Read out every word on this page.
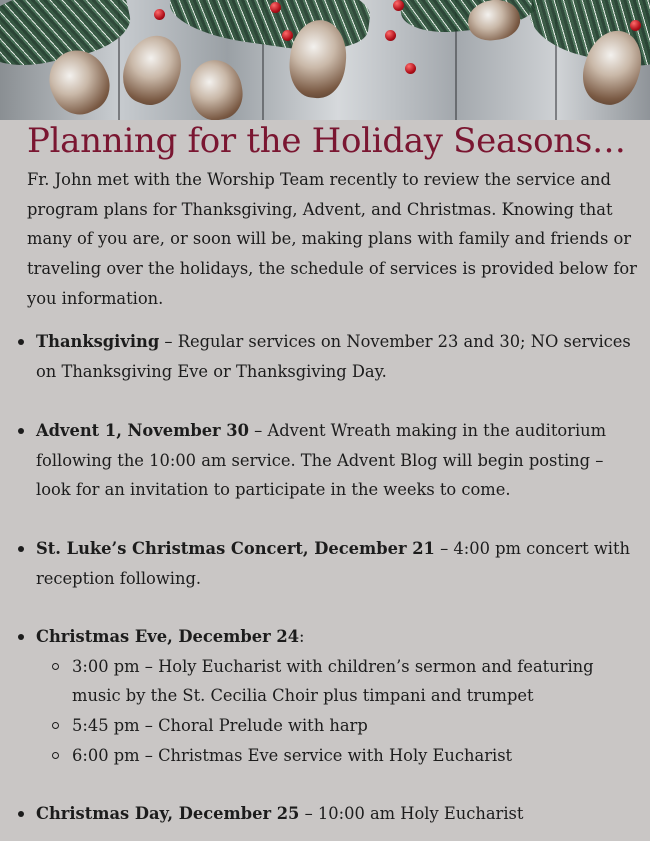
Planning for the Holiday Seasons…

Fr. John met with the Worship Team recently to review the service and program plans for Thanksgiving, Advent, and Christmas. Knowing that many of you are, or soon will be, making plans with family and friends or traveling over the holidays, the schedule of services is provided below for you information.

Thanksgiving – Regular services on November 23 and 30; NO services on Thanksgiving Eve or Thanksgiving Day.
Advent 1, November 30 – Advent Wreath making in the auditorium following the 10:00 am service. The Advent Blog will begin posting – look for an invitation to participate in the weeks to come.
St. Luke’s Christmas Concert, December 21 – 4:00 pm concert with reception following.
Christmas Eve, December 24:
3:00 pm – Holy Eucharist with children’s sermon and featuring music by the St. Cecilia Choir plus timpani and trumpet
5:45 pm – Choral Prelude with harp
6:00 pm – Christmas Eve service with Holy Eucharist
Christmas Day, December 25 – 10:00 am Holy Eucharist
